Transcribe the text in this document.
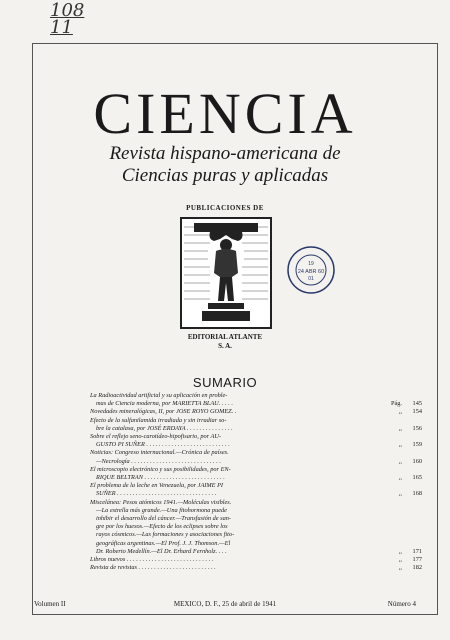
108
11
CIENCIA
Revista hispano-americana de
Ciencias puras y aplicadas
PUBLICACIONES DE
19
24 ABR 60
01
EDITORIAL ATLANTE
S. A.
SUMARIO
La Radioactividad artificial y su aplicación en proble-
mas de Ciencia moderna, por MARIETTA BLAU. . . . .	Pág.	145
Novedades mineralógicas, II, por JOSE ROYO GOMEZ. .	,,	154
Efecto de la sulfanilamida irradiada y sin irradiar so-
bre la catalasa, por JOSÉ ERDAYA . . . . . . . . . . . . . . .	,,	156
Sobre el reflejo seno-carotídeo-hipofisario, por AU-
GUSTO PI SUÑER . . . . . . . . . . . . . . . . . . . . . . . . . . .	,,	159
Noticias: Congreso internacional.—Crónica de países.
—Necrología . . . . . . . . . . . . . . . . . . . . . . . . . . . . .	,,	160
El microscopio electrónico y sus posibilidades, por EN-
RIQUE BELTRAN . . . . . . . . . . . . . . . . . . . . . . . . . .	,,	165
El problema de la leche en Venezuela, por JAIME PI
SUÑER . . . . . . . . . . . . . . . . . . . . . . . . . . . . . . . .	,,	168
Miscelánea: Pesos atómicos 1941.—Moléculas visibles.
—La estrella más grande.—Una fitohormona puede
inhibir el desarrollo del cáncer.—Transfusión de san-
gre por los huesos.—Efecto de los eclipses sobre los
rayos cósmicos.—Las formaciones y asociaciones fito-
geográficas argentinas.—El Prof. J. J. Thomson.—El
Dr. Roberto Medellín.—El Dr. Erhard Fernholz. . . .	,,	171
Libros nuevos . . . . . . . . . . . . . . . . . . . . . . . . . . . .	,,	177
Revista de revistas . . . . . . . . . . . . . . . . . . . . . . . . .	,,	182
Volumen II	MEXICO, D. F., 25 de abril de 1941	Número 4
